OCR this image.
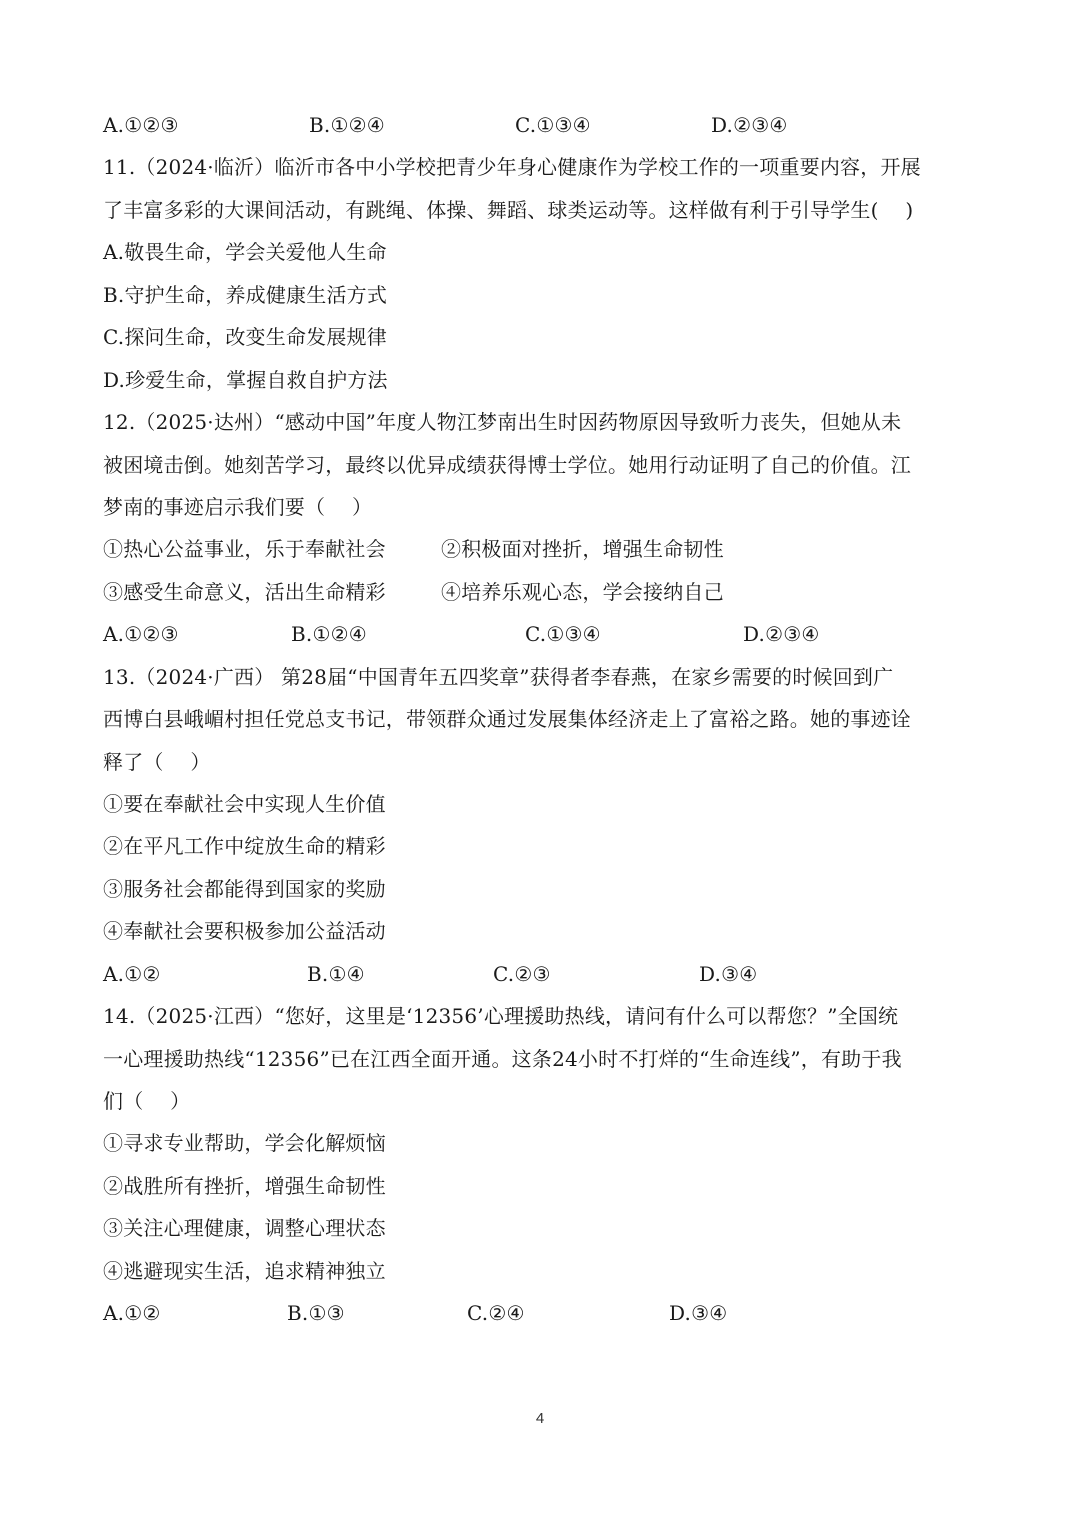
A.①②③	B.①②④	C.①③④	D.②③④
11.（2024·临沂）临沂市各中小学校把青少年身心健康作为学校工作的一项重要内容，开展
了丰富多彩的大课间活动，有跳绳、体操、舞蹈、球类运动等。这样做有利于引导学生(　 )
A.敬畏生命，学会关爱他人生命
B.守护生命，养成健康生活方式
C.探问生命，改变生命发展规律
D.珍爱生命，掌握自救自护方法
12.（2025·达州）“感动中国”年度人物江梦南出生时因药物原因导致听力丧失，但她从未
被困境击倒。她刻苦学习，最终以优异成绩获得博士学位。她用行动证明了自己的价值。江
梦南的事迹启示我们要（　 ）
①热心公益事业，乐于奉献社会	②积极面对挫折，增强生命韧性
③感受生命意义，活出生命精彩	④培养乐观心态，学会接纳自己
A.①②③	B.①②④	C.①③④	D.②③④
13.（2024·广西） 第28届“中国青年五四奖章”获得者李春燕，在家乡需要的时候回到广
西博白县峨嵋村担任党总支书记，带领群众通过发展集体经济走上了富裕之路。她的事迹诠
释了（　 ）
①要在奉献社会中实现人生价值
②在平凡工作中绽放生命的精彩
③服务社会都能得到国家的奖励
④奉献社会要积极参加公益活动
A.①②	B.①④	C.②③	D.③④
14.（2025·江西）“您好，这里是‘12356’心理援助热线，请问有什么可以帮您？”全国统
一心理援助热线“12356”已在江西全面开通。这条24小时不打烊的“生命连线”，有助于我
们（　 ）
①寻求专业帮助，学会化解烦恼
②战胜所有挫折，增强生命韧性
③关注心理健康，调整心理状态
④逃避现实生活，追求精神独立
A.①②	B.①③	C.②④	D.③④
4
